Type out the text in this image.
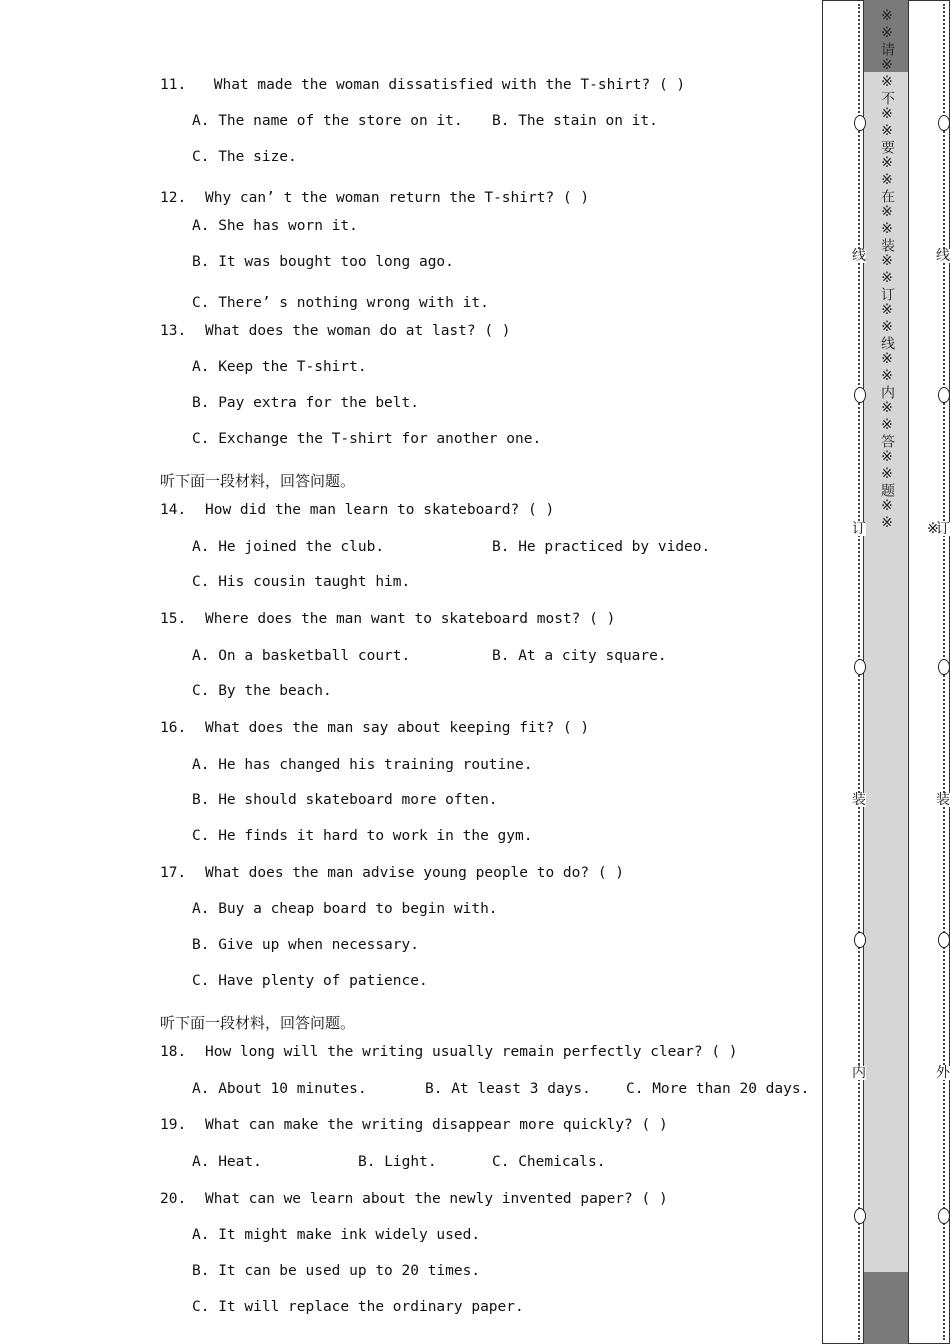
11. What made the woman dissatisfied with the T-shirt? ( )
A. The name of the store on it. B. The stain on it.
C. The size.
12. Why can’ t the woman return the T-shirt? ( )
A. She has worn it.
B. It was bought too long ago.
C. There’ s nothing wrong with it.
13. What does the woman do at last? ( )
A. Keep the T-shirt.
B. Pay extra for the belt.
C. Exchange the T-shirt for another one.
听下面一段材料，回答问题。
14. How did the man learn to skateboard? ( )
A. He joined the club.	B. He practiced by video.
C. His cousin taught him.
15. Where does the man want to skateboard most? ( )
A. On a basketball court.	B. At a city square.
C. By the beach.
16. What does the man say about keeping fit? ( )
A. He has changed his training routine.
B. He should skateboard more often.
C. He finds it hard to work in the gym.
17. What does the man advise young people to do? ( )
A. Buy a cheap board to begin with.
B. Give up when necessary.
C. Have plenty of patience.
听下面一段材料，回答问题。
18. How long will the writing usually remain perfectly clear? ( )
A. About 10 minutes.	B. At least 3 days. C. More than 20 days.
19. What can make the writing disappear more quickly? ( )
A. Heat.	B. Light.	C. Chemicals.
20. What can we learn about the newly invented paper? ( )
A. It might make ink widely used.
B. It can be used up to 20 times.
C. It will replace the ordinary paper.
※※请※※不※※要※※在※※装※※订※※线※※内※※答※※题※※
线
订
装
内
线
订
装
外
※
